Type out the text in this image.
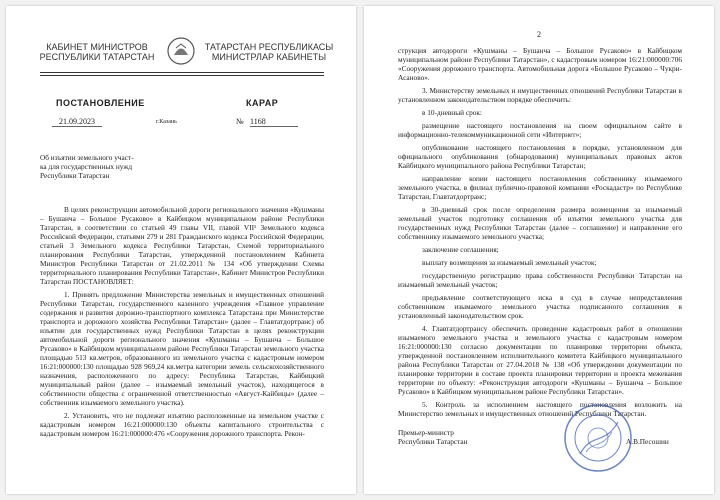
КАБИНЕТ МИНИСТРОВ
РЕСПУБЛИКИ ТАТАРСТАН
ТАТАРСТАН РЕСПУБЛИКАСЫ
МИНИСТРЛАР КАБИНЕТЫ
ПОСТАНОВЛЕНИЕ	КАРАР
21.09.2023	г.Казань	№ 1168
Об изъятии земельного участ-
ка для государственных нужд
Республики Татарстан

В целях реконструкции автомобильной дороги регионального значения «Кушманы – Бушанча – Большое Русаково» в Кайбицком муниципальном районе Республики Татарстан, в соответствии со статьей 49 главы VII, главой VII¹ Земельного кодекса Российской Федерации, статьями 279 и 281 Гражданского кодекса Российской Федерации, статьей 3 Земельного кодекса Республики Татарстан, Схемой территориального планирования Республики Татарстан, утвержденной постановлением Кабинета Министров Республики Татарстан от 21.02.2011 № 134 «Об утверждении Схемы территориального планирования Республики Татарстан», Кабинет Министров Республики Татарстан ПОСТАНОВЛЯЕТ:

1. Принять предложение Министерства земельных и имущественных отношений Республики Татарстан, государственного казенного учреждения «Главное управление содержания и развития дорожно-транспортного комплекса Татарстана при Министерстве транспорта и дорожного хозяйства Республики Татарстан» (далее – Главтатдортранс) об изъятии для государственных нужд Республики Татарстан в целях реконструкции автомобильной дороги регионального значения «Кушманы – Бушанча – Большое Русаково» в Кайбицком муниципальном районе Республики Татарстан земельного участка площадью 513 кв.метров, образованного из земельного участка с кадастровым номером 16:21:000000:130 площадью 928 969,24 кв.метра категории земель сельскохозяйственного назначения, расположенного по адресу: Республика Татарстан, Кайбицкий муниципальный район (далее – изымаемый земельный участок), находящегося в собственности общества с ограниченной ответственностью «Август-Кайбицы» (далее – собственник изымаемого земельного участка).

2. Установить, что не подлежат изъятию расположенные на земельном участке с кадастровым номером 16:21:000000:130 объекты капитального строительства с кадастровым номером 16:21:000000:476 «Сооружения дорожного транспорта. Рекон-

2

струкция автодороги «Кушманы – Бушанча – Большое Русаково» в Кайбицком муниципальном районе Республики Татарстан», с кадастровым номером 16:21:000000:706 «Сооружения дорожного транспорта. Автомобильная дорога «Большое Русаково – Чукри-Асаново».

3. Министерству земельных и имущественных отношений Республики Татарстан в установленном законодательством порядке обеспечить:

в 10-дневный срок:

размещение настоящего постановления на своем официальном сайте в информационно-телекоммуникационной сети «Интернет»;

опубликование настоящего постановления в порядке, установленном для официального опубликования (обнародования) муниципальных правовых актов Кайбицкого муниципального района Республики Татарстан;

направление копии настоящего постановления собственнику изымаемого земельного участка, в филиал публично-правовой компании «Роскадастр» по Республике Татарстан, Главтатдортранс;

в 30-дневный срок после определения размера возмещения за изымаемый земельный участок подготовку соглашения об изъятии земельного участка для государственных нужд Республики Татарстан (далее – соглашение) и направление его собственнику изымаемого земельного участка;

заключение соглашения;

выплату возмещения за изымаемый земельный участок;

государственную регистрацию права собственности Республики Татарстан на изымаемый земельный участок;

предъявление соответствующего иска в суд в случае непредставления собственником изымаемого земельного участка подписанного соглашения в установленный законодательством срок.

4. Главтатдортрансу обеспечить проведение кадастровых работ в отношении изымаемого земельного участка и земельного участка с кадастровым номером 16:21:000000:130 согласно документации по планировке территории объекта, утвержденной постановлением исполнительного комитета Кайбицкого муниципального района Республики Татарстан от 27.04.2018 № 138 «Об утверждении документации по планировке территории в составе проекта планировки территории и проекта межевания территории по объекту: «Реконструкция автодороги «Кушманы – Бушанча – Большое Русаково» в Кайбицком муниципальном районе Республики Татарстан».

5. Контроль за исполнением настоящего постановления возложить на Министерство земельных и имущественных отношений Республики Татарстан.

Премьер-министр
Республики Татарстан	А.В.Песошин
